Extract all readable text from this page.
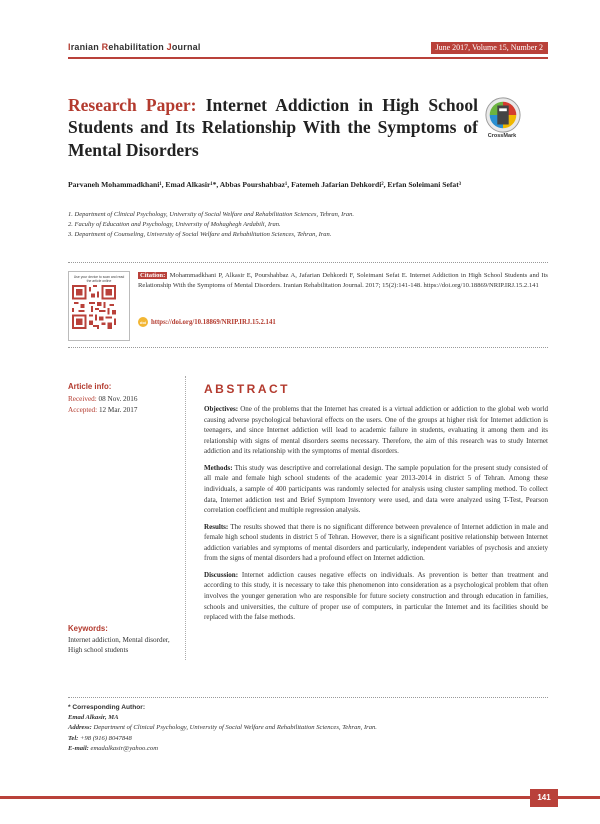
Iranian Rehabilitation Journal	June 2017, Volume 15, Number 2
Research Paper: Internet Addiction in High School Students and Its Relationship With the Symptoms of Mental Disorders
CrossMark
Parvaneh Mohammadkhani¹, Emad Alkasir¹*, Abbas Pourshahbaz¹, Fatemeh Jafarian Dehkordi², Erfan Soleimani Sefat³
1. Department of Clinical Psychology, University of Social Welfare and Rehabilitation Sciences, Tehran, Iran.
2. Faculty of Education and Psychology, University of Mohaghegh Ardabili, Iran.
3. Department of Counseling, University of Social Welfare and Rehabilitation Sciences, Tehran, Iran.
Use your device to scan and read the article online
Citation: Mohammadkhani P, Alkasir E, Pourshahbaz A, Jafarian Dehkordi F, Soleimani Sefat E. Internet Addiction in High School Students and Its Relationship With the Symptoms of Mental Disorders. Iranian Rehabilitation Journal. 2017; 15(2):141-148. https://doi.org/10.18869/NRIP.IRJ.15.2.141
doi https://doi.org/10.18869/NRIP.IRJ.15.2.141
Article info:
Received: 08 Nov. 2016
Accepted: 12 Mar. 2017
Keywords:
Internet addiction, Mental disorder, High school students
ABSTRACT

Objectives: One of the problems that the Internet has created is a virtual addiction or addiction to the global web world causing adverse psychological behavioral effects on the users. One of the groups at higher risk for Internet addiction is teenagers, and since Internet addiction will lead to academic failure in students, evaluating it among them and its relationship with signs of mental disorders seems necessary. Therefore, the aim of this research was to study Internet addiction and its relationship with the symptoms of mental disorders.

Methods: This study was descriptive and correlational design. The sample population for the present study consisted of all male and female high school students of the academic year 2013-2014 in district 5 of Tehran. Among these individuals, a sample of 400 participants was randomly selected for analysis using cluster sampling method. To collect data, Internet addiction test and Brief Symptom Inventory were used, and data were analyzed using T-Test, Pearson correlation coefficient and multiple regression analysis.

Results: The results showed that there is no significant difference between prevalence of Internet addiction in male and female high school students in district 5 of Tehran. However, there is a significant positive relationship between Internet addiction variables and symptoms of mental disorders and particularly, independent variables of psychosis and anxiety from the signs of mental disorders had a profound effect on Internet addiction.

Discussion: Internet addiction causes negative effects on individuals. As prevention is better than treatment and according to this study, it is necessary to take this phenomenon into consideration as a psychological problem that often involves the younger generation who are responsible for future society construction and through education in families, schools and universities, the culture of proper use of computers, in particular the Internet and its facilities should be replaced with the false methods.

* Corresponding Author:
Emad Alkasir, MA
Address: Department of Clinical Psychology, University of Social Welfare and Rehabilitation Sciences, Tehran, Iran.
Tel: +98 (916) 8047848
E-mail: emadalkasir@yahoo.com
141
